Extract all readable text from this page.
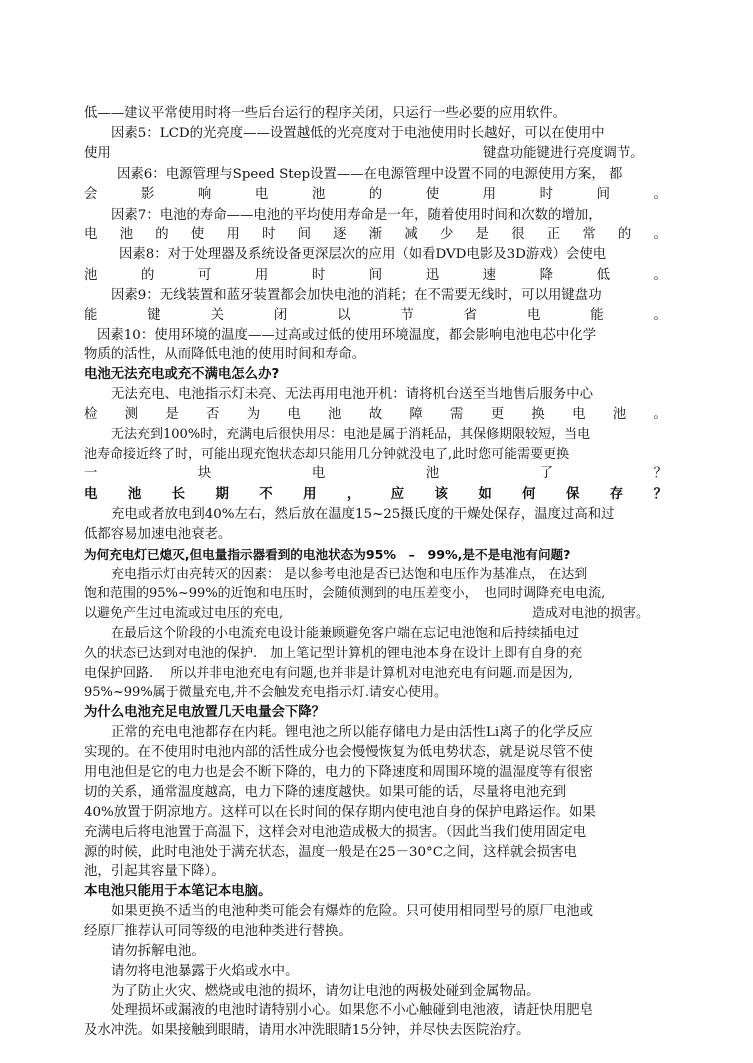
低——建议平常使用时将一些后台运行的程序关闭，只运行一些必要的应用软件。
因素5：LCD的光亮度——设置越低的光亮度对于电池使用时长越好，可以在使用中
使用	键盘功能键进行亮度调节。
因素6：电源管理与Speed Step设置——在电源管理中设置不同的电源使用方案， 都
会	影	响	电	池	的	使	用	时	间	。
因素7：电池的寿命——电池的平均使用寿命是一年，随着使用时间和次数的增加，
电 池 的 使 用 时 间 逐 渐 减 少 是 很 正 常 的 。
因素8：对于处理器及系统设备更深层次的应用（如看DVD电影及3D游戏）会使电
池	的	可	用	时	间	迅	速	降	低	。
因素9：无线装置和蓝牙装置都会加快电池的消耗；在不需要无线时，可以用键盘功
能	键	关	闭	以	节	省	电	能	。
因素10：使用环境的温度——过高或过低的使用环境温度，都会影响电池电芯中化学
物质的活性，从而降低电池的使用时间和寿命。
电池无法充电或充不满电怎么办?
无法充电、电池指示灯未亮、无法再用电池开机：请将机台送至当地售后服务中心
检 测 是 否 为 电 池 故 障 需 更 换 电 池 。
无法充到100%时，充满电后很快用尽：电池是属于消耗品，其保修期限较短，当电
池寿命接近终了时，可能出现充饱状态却只能用几分钟就没电了,此时您可能需要更换
一	块	电	池	了	？
电 池 长 期 不 用 ， 应 该 如 何 保 存 ？
充电或者放电到40%左右，然后放在温度15~25摄氏度的干燥处保存，温度过高和过
低都容易加速电池衰老。
为何充电灯已熄灭,但电量指示器看到的电池状态为95%　–　99%,是不是电池有问题?
充电指示灯由亮转灭的因素： 是以参考电池是否已达饱和电压作为基准点， 在达到
饱和范围的95%~99%的近饱和电压时，会随侦测到的电压差变小，　也同时调降充电电流,
以避免产生过电流或过电压的充电,	造成对电池的损害。
在最后这个阶段的小电流充电设计能兼顾避免客户端在忘记电池饱和后持续插电过
久的状态已达到对电池的保护.　加上笔记型计算机的锂电池本身在设计上即有自身的充
电保护回路.　 所以并非电池充电有问题,也并非是计算机对电池充电有问题.而是因为,
95%~99%属于微量充电,并不会触发充电指示灯.请安心使用。
为什么电池充足电放置几天电量会下降？
正常的充电电池都存在内耗。锂电池之所以能存储电力是由活性Li离子的化学反应
实现的。在不使用时电池内部的活性成分也会慢慢恢复为低电势状态，就是说尽管不使
用电池但是它的电力也是会不断下降的，电力的下降速度和周围环境的温湿度等有很密
切的关系，通常温度越高，电力下降的速度越快。如果可能的话，尽量将电池充到
40%放置于阴凉地方。这样可以在长时间的保存期内使电池自身的保护电路运作。如果
充满电后将电池置于高温下，这样会对电池造成极大的损害。（因此当我们使用固定电
源的时候，此时电池处于满充状态，温度一般是在25－30°C之间，这样就会损害电
池，引起其容量下降）。
本电池只能用于本笔记本电脑。
如果更换不适当的电池种类可能会有爆炸的危险。只可使用相同型号的原厂电池或
经原厂推荐认可同等级的电池种类进行替换。
请勿拆解电池。
请勿将电池暴露于火焰或水中。
为了防止火灾、燃烧或电池的损坏，请勿让电池的两极处碰到金属物品。
处理损坏或漏液的电池时请特别小心。如果您不小心触碰到电池液，请赶快用肥皂
及水冲洗。如果接触到眼睛，请用水冲洗眼睛15分钟，并尽快去医院治疗。
